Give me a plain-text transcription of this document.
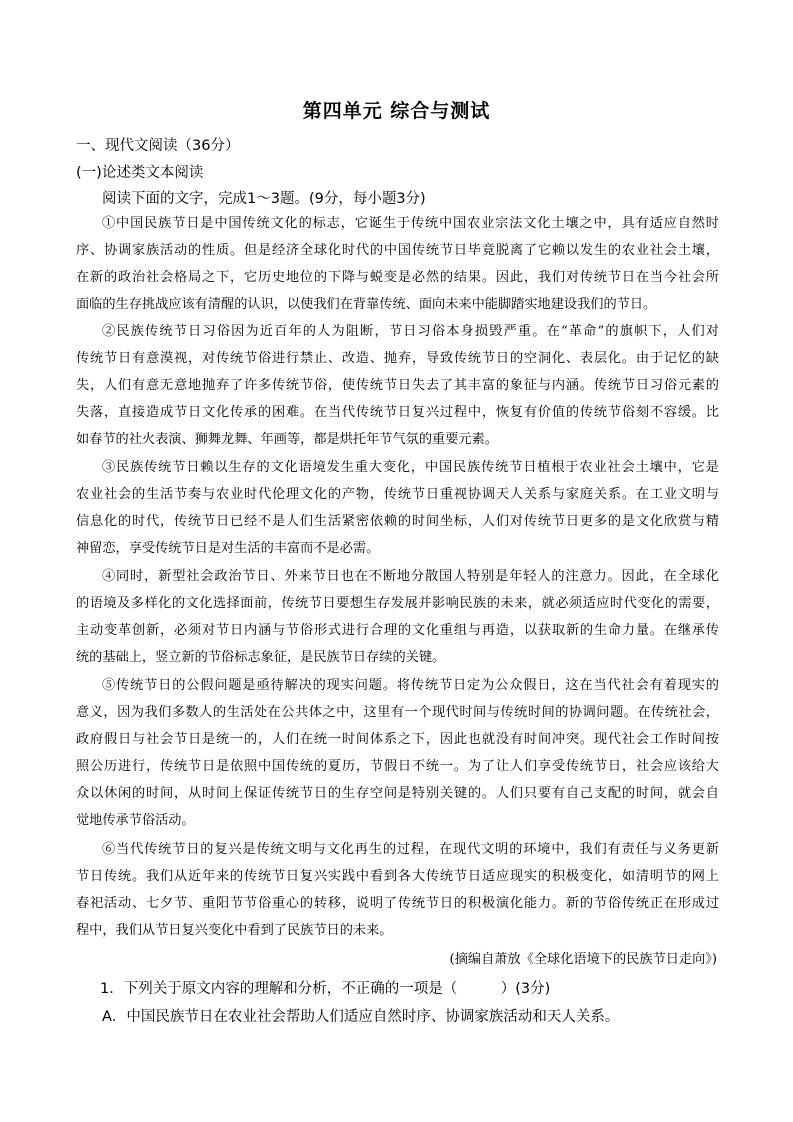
第四单元 综合与测试
一、现代文阅读（36分）
(一)论述类文本阅读
阅读下面的文字，完成1～3题。(9分，每小题3分)
①中国民族节日是中国传统文化的标志，它诞生于传统中国农业宗法文化土壤之中，具有适应自然时
序、协调家族活动的性质。但是经济全球化时代的中国传统节日毕竟脱离了它赖以发生的农业社会土壤，
在新的政治社会格局之下，它历史地位的下降与蜕变是必然的结果。因此，我们对传统节日在当今社会所
面临的生存挑战应该有清醒的认识，以使我们在背靠传统、面向未来中能脚踏实地建设我们的节日。
②民族传统节日习俗因为近百年的人为阻断，节日习俗本身损毁严重。在“革命”的旗帜下，人们对
传统节日有意漠视，对传统节俗进行禁止、改造、抛弃，导致传统节日的空洞化、表层化。由于记忆的缺
失，人们有意无意地抛弃了许多传统节俗，使传统节日失去了其丰富的象征与内涵。传统节日习俗元素的
失落，直接造成节日文化传承的困难。在当代传统节日复兴过程中，恢复有价值的传统节俗刻不容缓。比
如春节的社火表演、狮舞龙舞、年画等，都是烘托年节气氛的重要元素。
③民族传统节日赖以生存的文化语境发生重大变化，中国民族传统节日植根于农业社会土壤中，它是
农业社会的生活节奏与农业时代伦理文化的产物，传统节日重视协调天人关系与家庭关系。在工业文明与
信息化的时代，传统节日已经不是人们生活紧密依赖的时间坐标，人们对传统节日更多的是文化欣赏与精
神留恋，享受传统节日是对生活的丰富而不是必需。
④同时，新型社会政治节日、外来节日也在不断地分散国人特别是年轻人的注意力。因此，在全球化
的语境及多样化的文化选择面前，传统节日要想生存发展并影响民族的未来，就必须适应时代变化的需要，
主动变革创新，必须对节日内涵与节俗形式进行合理的文化重组与再造，以获取新的生命力量。在继承传
统的基础上，竖立新的节俗标志象征，是民族节日存续的关键。
⑤传统节日的公假问题是亟待解决的现实问题。将传统节日定为公众假日，这在当代社会有着现实的
意义，因为我们多数人的生活处在公共体之中，这里有一个现代时间与传统时间的协调问题。在传统社会，
政府假日与社会节日是统一的，人们在统一时间体系之下，因此也就没有时间冲突。现代社会工作时间按
照公历进行，传统节日是依照中国传统的夏历，节假日不统一。为了让人们享受传统节日，社会应该给大
众以休闲的时间，从时间上保证传统节日的生存空间是特别关键的。人们只要有自己支配的时间，就会自
觉地传承节俗活动。
⑥当代传统节日的复兴是传统文明与文化再生的过程，在现代文明的环境中，我们有责任与义务更新
节日传统。我们从近年来的传统节日复兴实践中看到各大传统节日适应现实的积极变化，如清明节的网上
春祀活动、七夕节、重阳节节俗重心的转移，说明了传统节日的积极演化能力。新的节俗传统正在形成过
程中，我们从节日复兴变化中看到了民族节日的未来。
(摘编自萧放《全球化语境下的民族节日走向》)
1．下列关于原文内容的理解和分析，不正确的一项是（　　　）(3分)
A．中国民族节日在农业社会帮助人们适应自然时序、协调家族活动和天人关系。
